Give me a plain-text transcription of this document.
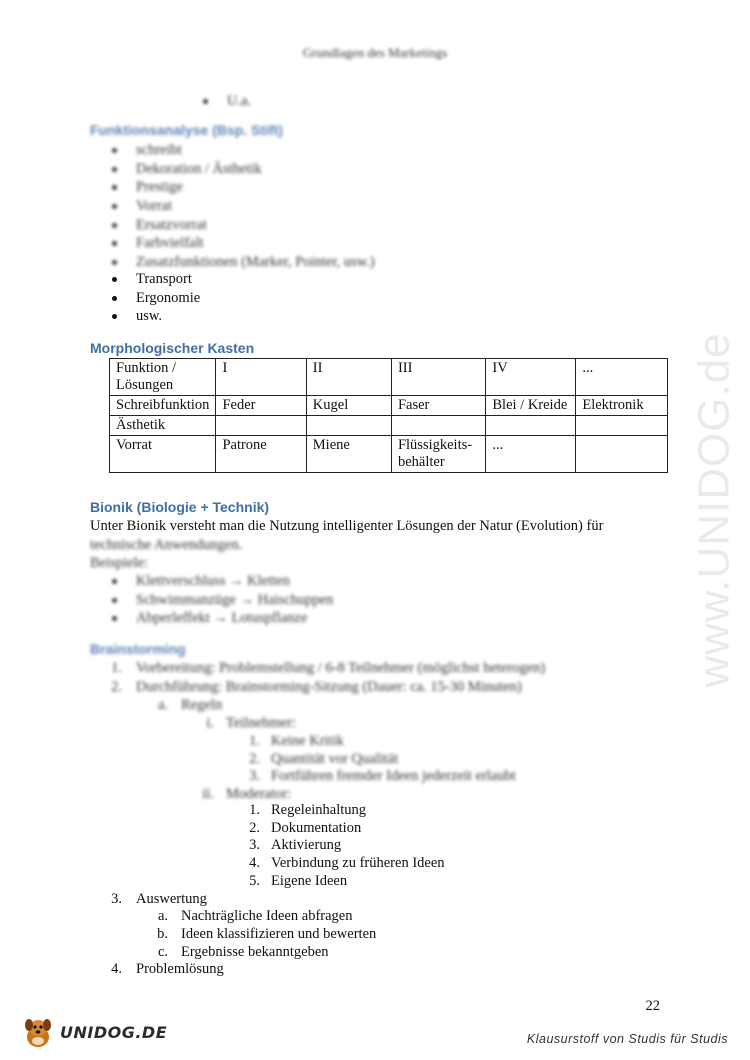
www.UNIDOG.de
Grundlagen des Marketings
U.a.
Funktionsanalyse (Bsp. Stift)
schreibt
Dekoration / Ästhetik
Prestige
Vorrat
Ersatzvorrat
Farbvielfalt
Zusatzfunktionen (Marker, Pointer, usw.)
Transport
Ergonomie
usw.
Morphologischer Kasten
Funktion / Lösungen	I	II	III	IV	...
Schreibfunktion	Feder	Kugel	Faser	Blei / Kreide	Elektronik
Ästhetik					
Vorrat	Patrone	Miene	Flüssigkeits-behälter	...	
Bionik (Biologie + Technik)
Unter Bionik versteht man die Nutzung intelligenter Lösungen der Natur (Evolution) für
technische Anwendungen.
Beispiele:
Klettverschluss → Kletten
Schwimmanzüge → Haischuppen
Abperleffekt → Lotuspflanze
Brainstorming
1. Vorbereitung: Problemstellung / 6-8 Teilnehmer (möglichst heterogen)
2. Durchführung: Brainstorming-Sitzung (Dauer: ca. 15-30 Minuten)
a. Regeln
i. Teilnehmer:
1. Keine Kritik
2. Quantität vor Qualität
3. Fortführen fremder Ideen jederzeit erlaubt
ii. Moderator:
1. Regeleinhaltung
2. Dokumentation
3. Aktivierung
4. Verbindung zu früheren Ideen
5. Eigene Ideen
3. Auswertung
a. Nachträgliche Ideen abfragen
b. Ideen klassifizieren und bewerten
c. Ergebnisse bekanntgeben
4. Problemlösung
22
UNIDOG.DE	Klausurstoff von Studis für Studis
